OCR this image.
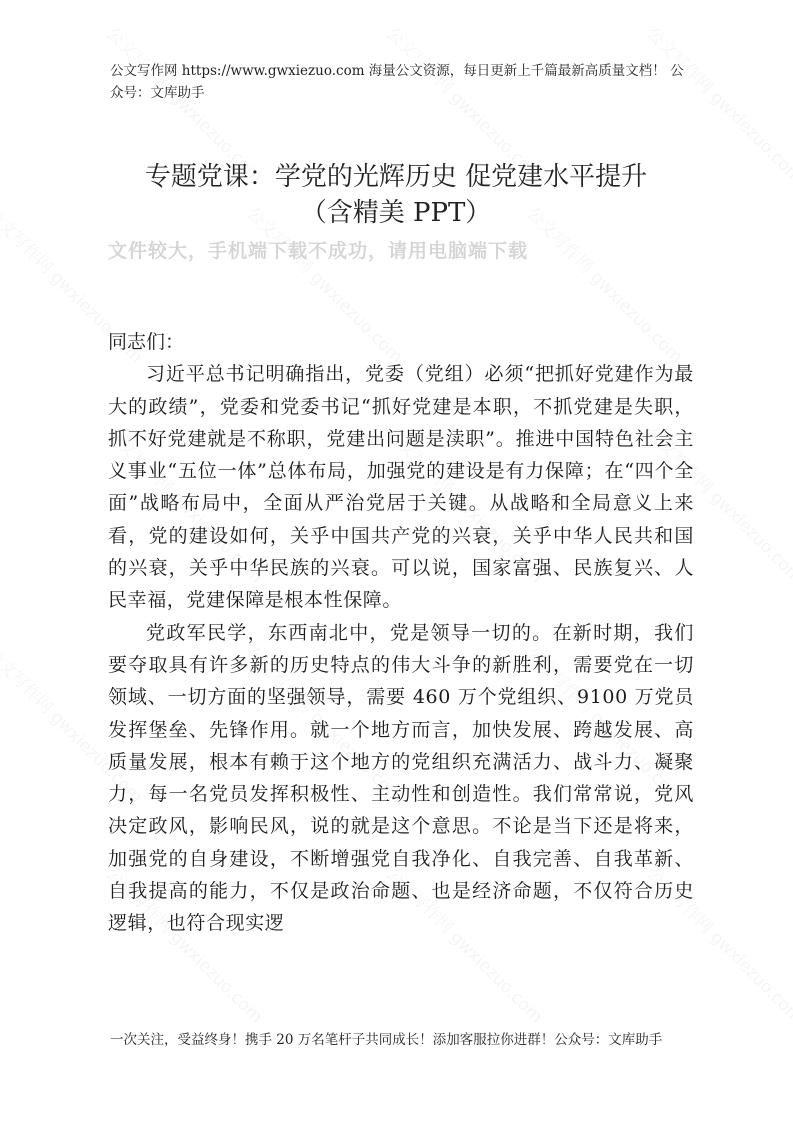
公文写作网 https://www.gwxiezuo.com 海量公文资源，每日更新上千篇最新高质量文档！ 公众号：文库助手
专题党课：学党的光辉历史 促党建水平提升
（含精美 PPT）
文件较大，手机端下载不成功，请用电脑端下载

同志们：

习近平总书记明确指出，党委（党组）必须“把抓好党建作为最大的政绩”，党委和党委书记“抓好党建是本职，不抓党建是失职，抓不好党建就是不称职，党建出问题是渎职”。推进中国特色社会主义事业“五位一体”总体布局，加强党的建设是有力保障；在“四个全面”战略布局中，全面从严治党居于关键。从战略和全局意义上来看，党的建设如何，关乎中国共产党的兴衰，关乎中华人民共和国的兴衰，关乎中华民族的兴衰。可以说，国家富强、民族复兴、人民幸福，党建保障是根本性保障。

党政军民学，东西南北中，党是领导一切的。在新时期，我们要夺取具有许多新的历史特点的伟大斗争的新胜利，需要党在一切领域、一切方面的坚强领导，需要 460 万个党组织、9100 万党员发挥堡垒、先锋作用。就一个地方而言，加快发展、跨越发展、高质量发展，根本有赖于这个地方的党组织充满活力、战斗力、凝聚力，每一名党员发挥积极性、主动性和创造性。我们常常说，党风决定政风，影响民风，说的就是这个意思。不论是当下还是将来，加强党的自身建设，不断增强党自我净化、自我完善、自我革新、自我提高的能力，不仅是政治命题、也是经济命题，不仅符合历史逻辑，也符合现实逻

一次关注，受益终身！携手 20 万名笔杆子共同成长！添加客服拉你进群！公众号：文库助手
